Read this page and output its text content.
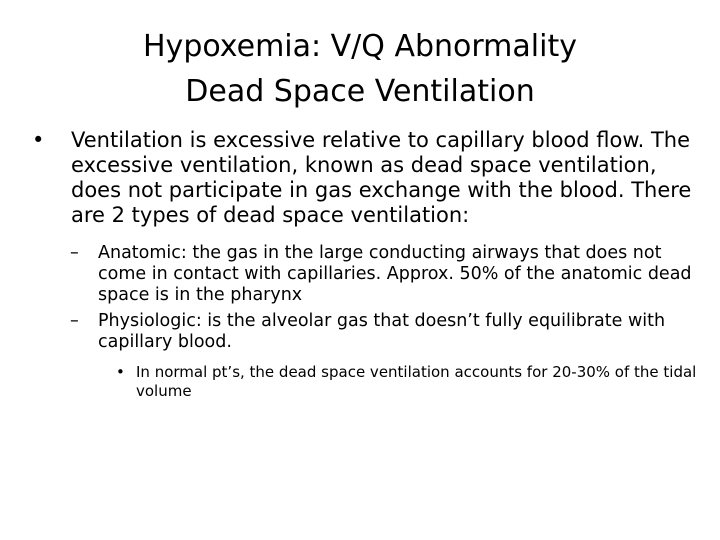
Hypoxemia: V/Q Abnormality
Dead Space Ventilation
• Ventilation is excessive relative to capillary blood flow. The excessive ventilation, known as dead space ventilation, does not participate in gas exchange with the blood. There are 2 types of dead space ventilation:
– Anatomic: the gas in the large conducting airways that does not come in contact with capillaries. Approx. 50% of the anatomic dead space is in the pharynx
– Physiologic: is the alveolar gas that doesn’t fully equilibrate with capillary blood.
• In normal pt’s, the dead space ventilation accounts for 20-30% of the tidal volume
